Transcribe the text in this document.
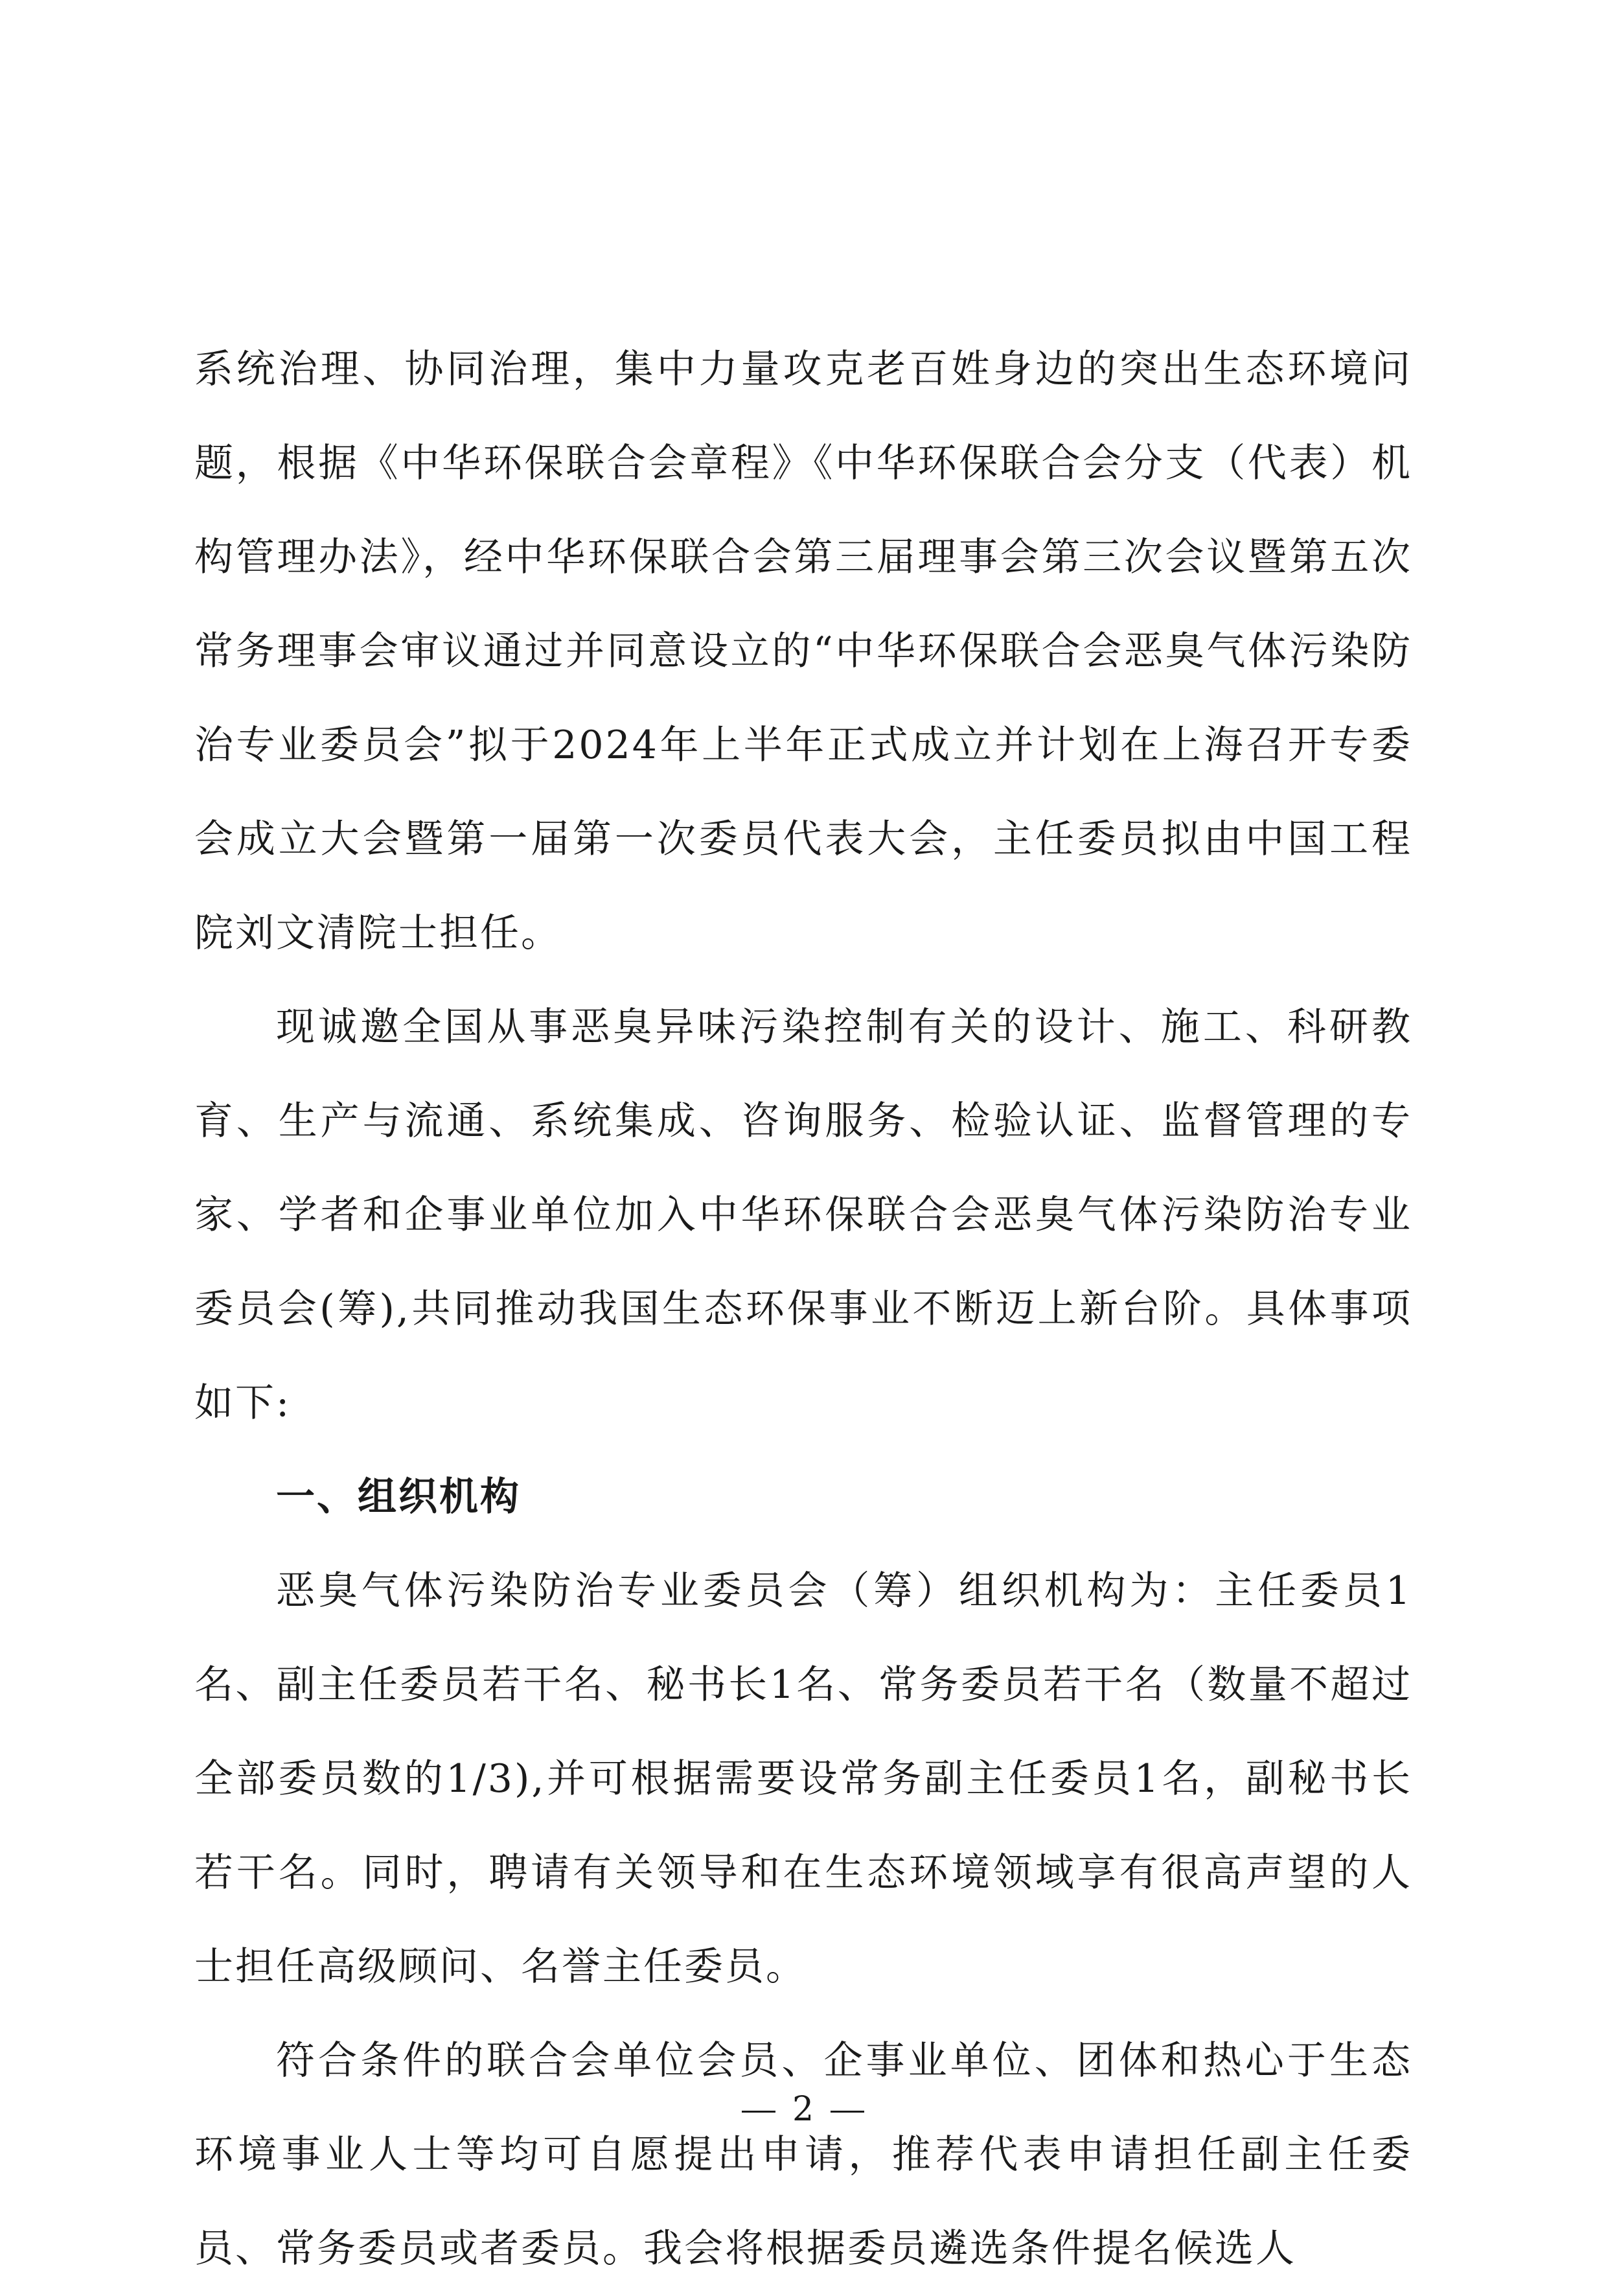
系统治理、协同治理，集中力量攻克老百姓身边的突出生态环境问题，根据《中华环保联合会章程》《中华环保联合会分支（代表）机构管理办法》，经中华环保联合会第三届理事会第三次会议暨第五次常务理事会审议通过并同意设立的“中华环保联合会恶臭气体污染防治专业委员会”拟于2024年上半年正式成立并计划在上海召开专委会成立大会暨第一届第一次委员代表大会，主任委员拟由中国工程院刘文清院士担任。

现诚邀全国从事恶臭异味污染控制有关的设计、施工、科研教育、生产与流通、系统集成、咨询服务、检验认证、监督管理的专家、学者和企事业单位加入中华环保联合会恶臭气体污染防治专业委员会(筹),共同推动我国生态环保事业不断迈上新台阶。具体事项如下:

一、组织机构

恶臭气体污染防治专业委员会（筹）组织机构为：主任委员1名、副主任委员若干名、秘书长1名、常务委员若干名（数量不超过全部委员数的1/3),并可根据需要设常务副主任委员1名，副秘书长若干名。同时，聘请有关领导和在生态环境领域享有很高声望的人士担任高级顾问、名誉主任委员。

符合条件的联合会单位会员、企事业单位、团体和热心于生态环境事业人士等均可自愿提出申请，推荐代表申请担任副主任委员、常务委员或者委员。我会将根据委员遴选条件提名候选人

2
